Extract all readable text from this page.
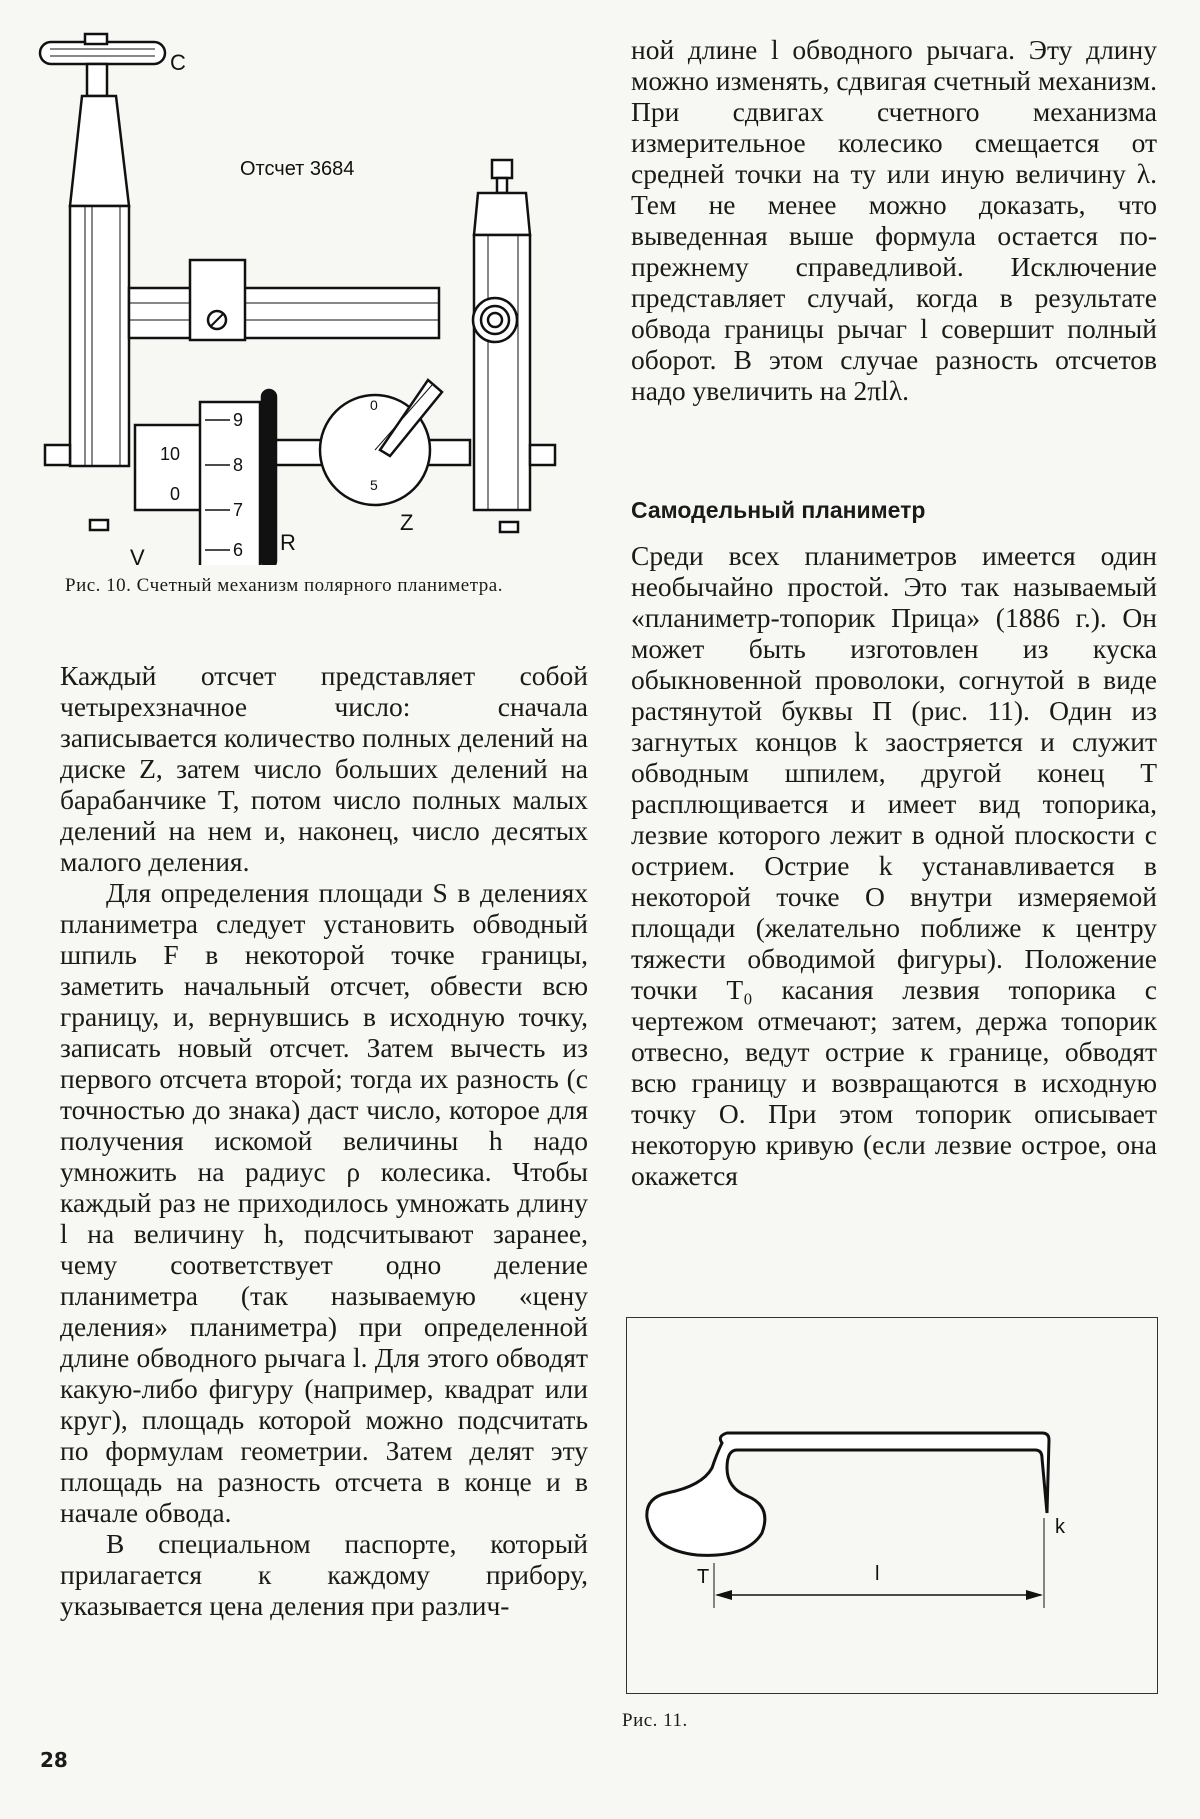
C
Отсчет 3684
9
8
7
6
10
0
0
5
V
R
Z

Рис. 10. Счетный механизм полярного планиметра.

Каждый отсчет представляет собой четырехзначное число: сначала записывается количество полных делений на диске Z, затем число больших делений на барабанчике T, потом число полных малых делений на нем и, наконец, число десятых малого деления.

Для определения площади S в делениях планиметра следует установить обводный шпиль F в некоторой точке границы, заметить начальный отсчет, обвести всю границу, и, вернувшись в исходную точку, записать новый отсчет. Затем вычесть из первого отсчета второй; тогда их разность (с точностью до знака) даст число, которое для получения искомой величины h надо умножить на радиус ρ колесика. Чтобы каждый раз не приходилось умножать длину l на величину h, подсчитывают заранее, чему соответствует одно деление планиметра (так называемую «цену деления» планиметра) при определенной длине обводного рычага l. Для этого обводят какую-либо фигуру (например, квадрат или круг), площадь которой можно подсчитать по формулам геометрии. Затем делят эту площадь на разность отсчета в конце и в начале обвода.

В специальном паспорте, который прилагается к каждому прибору, указывается цена деления при различ-

28

ной длине l обводного рычага. Эту длину можно изменять, сдвигая счетный механизм. При сдвигах счетного механизма измерительное колесико смещается от средней точки на ту или иную величину λ. Тем не менее можно доказать, что выведенная выше формула остается по-прежнему справедливой. Исключение представляет случай, когда в результате обвода границы рычаг l совершит полный оборот. В этом случае разность отсчетов надо увеличить на 2πlλ.

Самодельный планиметр

Среди всех планиметров имеется один необычайно простой. Это так называемый «планиметр-топорик Прица» (1886 г.). Он может быть изготовлен из куска обыкновенной проволоки, согнутой в виде растянутой буквы П (рис. 11). Один из загнутых концов k заостряется и служит обводным шпилем, другой конец T расплющивается и имеет вид топорика, лезвие которого лежит в одной плоскости с острием. Острие k устанавливается в некоторой точке O внутри измеряемой площади (желательно поближе к центру тяжести обводимой фигуры). Положение точки T₀ касания лезвия топорика с чертежом отмечают; затем, держа топорик отвесно, ведут острие к границе, обводят всю границу и возвращаются в исходную точку O. При этом топорик описывает некоторую кривую (если лезвие острое, она окажется

T	l
k

Рис. 11.
